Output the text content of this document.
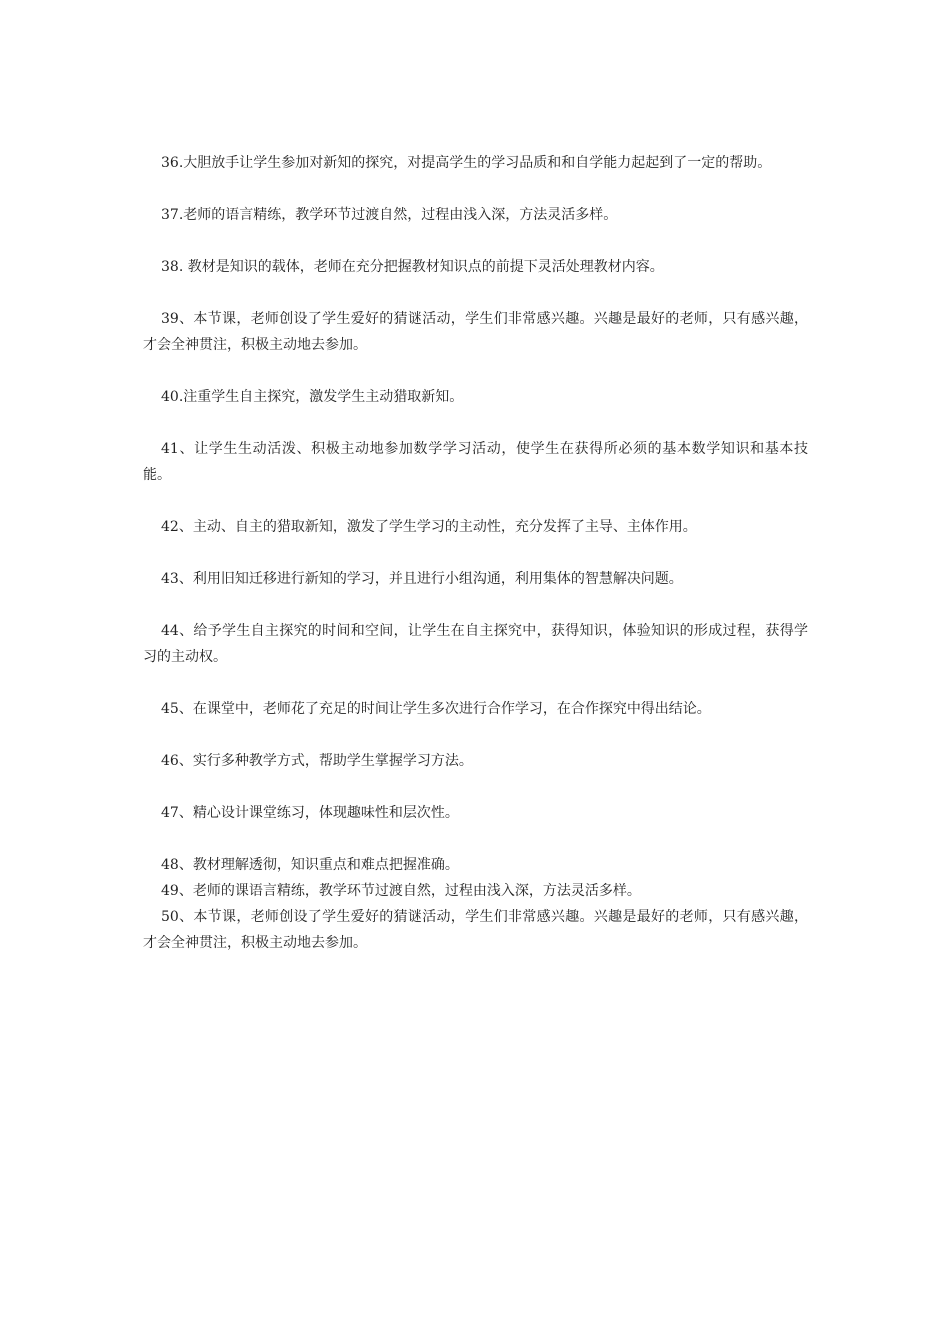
36.大胆放手让学生参加对新知的探究，对提高学生的学习品质和和自学能力起起到了一定的帮助。

37.老师的语言精练，教学环节过渡自然，过程由浅入深，方法灵活多样。

38. 教材是知识的载体，老师在充分把握教材知识点的前提下灵活处理教材内容。

39、本节课，老师创设了学生爱好的猜谜活动，学生们非常感兴趣。兴趣是最好的老师，只有感兴趣，才会全神贯注，积极主动地去参加。

40.注重学生自主探究，激发学生主动猎取新知。

41、让学生生动活泼、积极主动地参加数学学习活动，使学生在获得所必须的基本数学知识和基本技能。

42、主动、自主的猎取新知，激发了学生学习的主动性，充分发挥了主导、主体作用。

43、利用旧知迁移进行新知的学习，并且进行小组沟通，利用集体的智慧解决问题。

44、给予学生自主探究的时间和空间，让学生在自主探究中，获得知识，体验知识的形成过程，获得学习的主动权。

45、在课堂中，老师花了充足的时间让学生多次进行合作学习，在合作探究中得出结论。

46、实行多种教学方式，帮助学生掌握学习方法。

47、精心设计课堂练习，体现趣味性和层次性。

48、教材理解透彻，知识重点和难点把握准确。

49、老师的课语言精练，教学环节过渡自然，过程由浅入深，方法灵活多样。

50、本节课，老师创设了学生爱好的猜谜活动，学生们非常感兴趣。兴趣是最好的老师，只有感兴趣，才会全神贯注，积极主动地去参加。
